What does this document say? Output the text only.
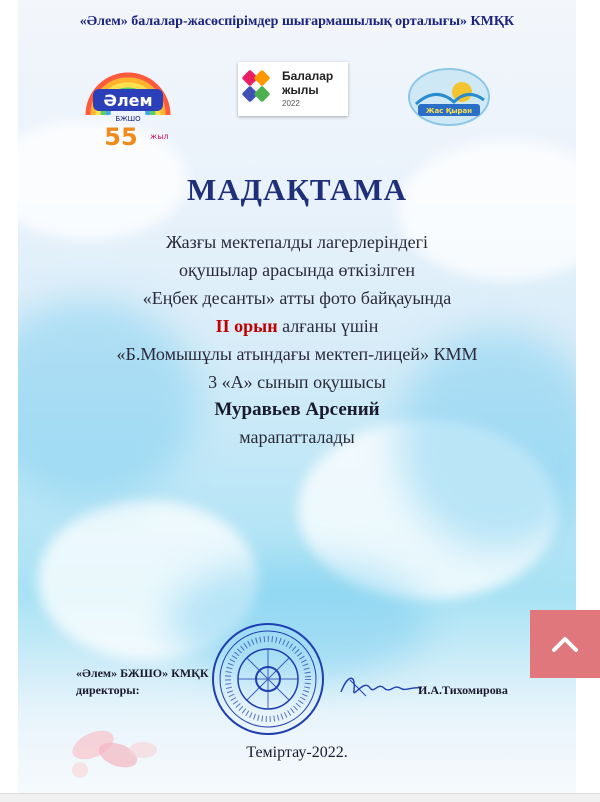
«Әлем» балалар-жасөспірімдер шығармашылық орталығы» КМҚК
Әлем
БЖШО
55 жыл
Балалар
жылы
2022
Жас Қыран
МАДАҚТАМА
Жазғы мектепалды лагерлеріндегі
оқушылар арасында өткізілген
«Еңбек десанты» атты фото байқауында
II орын алғаны үшін
«Б.Момышұлы атындағы мектеп-лицей» КММ
3 «А» сынып оқушысы
Муравьев Арсений
марапатталады
«Әлем» БЖШО» КМҚК
директоры:	И.А.Тихомирова
Теміртау-2022.
